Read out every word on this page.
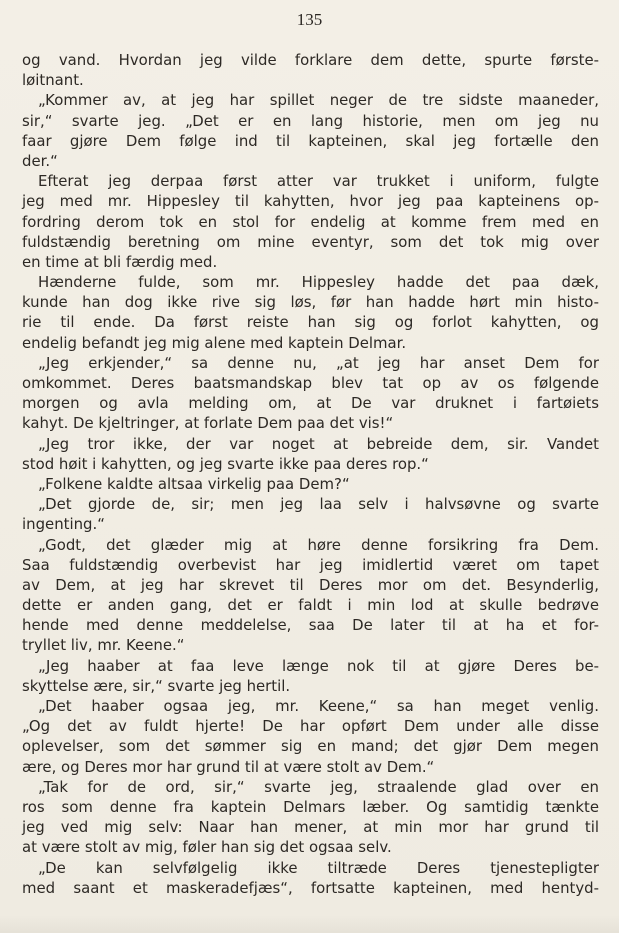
135
og vand. Hvordan jeg vilde forklare dem dette, spurte første-
løitnant.
„Kommer av, at jeg har spillet neger de tre sidste maaneder,
sir,“ svarte jeg. „Det er en lang historie, men om jeg nu
faar gjøre Dem følge ind til kapteinen, skal jeg fortælle den
der.“
Efterat jeg derpaa først atter var trukket i uniform, fulgte
jeg med mr. Hippesley til kahytten, hvor jeg paa kapteinens op-
fordring derom tok en stol for endelig at komme frem med en
fuldstændig beretning om mine eventyr, som det tok mig over
en time at bli færdig med.
Hænderne fulde, som mr. Hippesley hadde det paa dæk,
kunde han dog ikke rive sig løs, før han hadde hørt min histo-
rie til ende. Da først reiste han sig og forlot kahytten, og
endelig befandt jeg mig alene med kaptein Delmar.
„Jeg erkjender,“ sa denne nu, „at jeg har anset Dem for
omkommet. Deres baatsmandskap blev tat op av os følgende
morgen og avla melding om, at De var druknet i fartøiets
kahyt. De kjeltringer, at forlate Dem paa det vis!“
„Jeg tror ikke, der var noget at bebreide dem, sir. Vandet
stod høit i kahytten, og jeg svarte ikke paa deres rop.“
„Folkene kaldte altsaa virkelig paa Dem?“
„Det gjorde de, sir; men jeg laa selv i halvsøvne og svarte
ingenting.“
„Godt, det glæder mig at høre denne forsikring fra Dem.
Saa fuldstændig overbevist har jeg imidlertid været om tapet
av Dem, at jeg har skrevet til Deres mor om det. Besynderlig,
dette er anden gang, det er faldt i min lod at skulle bedrøve
hende med denne meddelelse, saa De later til at ha et for-
tryllet liv, mr. Keene.“
„Jeg haaber at faa leve længe nok til at gjøre Deres be-
skyttelse ære, sir,“ svarte jeg hertil.
„Det haaber ogsaa jeg, mr. Keene,“ sa han meget venlig.
„Og det av fuldt hjerte! De har opført Dem under alle disse
oplevelser, som det sømmer sig en mand; det gjør Dem megen
ære, og Deres mor har grund til at være stolt av Dem.“
„Tak for de ord, sir,“ svarte jeg, straalende glad over en
ros som denne fra kaptein Delmars læber. Og samtidig tænkte
jeg ved mig selv: Naar han mener, at min mor har grund til
at være stolt av mig, føler han sig det ogsaa selv.
„De kan selvfølgelig ikke tiltræde Deres tjenestepligter
med saant et maskeradefjæs“, fortsatte kapteinen, med hentyd-
